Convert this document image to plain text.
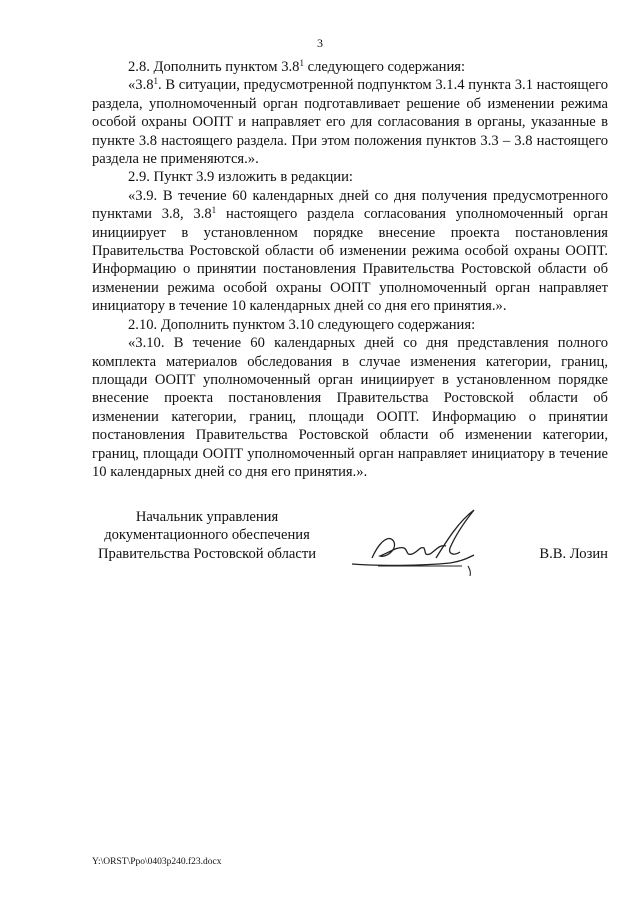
3

2.8. Дополнить пунктом $3.8^1$ следующего содержания:

«$3.8^1$. В ситуации, предусмотренной подпунктом 3.1.4 пункта 3.1 настоящего раздела, уполномоченный орган подготавливает решение об изменении режима особой охраны ООПТ и направляет его для согласования в органы, указанные в пункте 3.8 настоящего раздела. При этом положения пунктов 3.3 – 3.8 настоящего раздела не применяются.».

2.9. Пункт 3.9 изложить в редакции:

«3.9. В течение 60 календарных дней со дня получения предусмотренного пунктами 3.8, $3.8^1$ настоящего раздела согласования уполномоченный орган инициирует в установленном порядке внесение проекта постановления Правительства Ростовской области об изменении режима особой охраны ООПТ. Информацию о принятии постановления Правительства Ростовской области об изменении режима особой охраны ООПТ уполномоченный орган направляет инициатору в течение 10 календарных дней со дня его принятия.».

2.10. Дополнить пунктом 3.10 следующего содержания:

«3.10. В течение 60 календарных дней со дня представления полного комплекта материалов обследования в случае изменения категории, границ, площади ООПТ уполномоченный орган инициирует в установленном порядке внесение проекта постановления Правительства Ростовской области об изменении категории, границ, площади ООПТ. Информацию о принятии постановления Правительства Ростовской области об изменении категории, границ, площади ООПТ уполномоченный орган направляет инициатору в течение 10 календарных дней со дня его принятия.».

Начальник управления
документационного обеспечения
Правительства Ростовской области	В.В. Лозин
Y:\ORST\Ppo\0403p240.f23.docx
